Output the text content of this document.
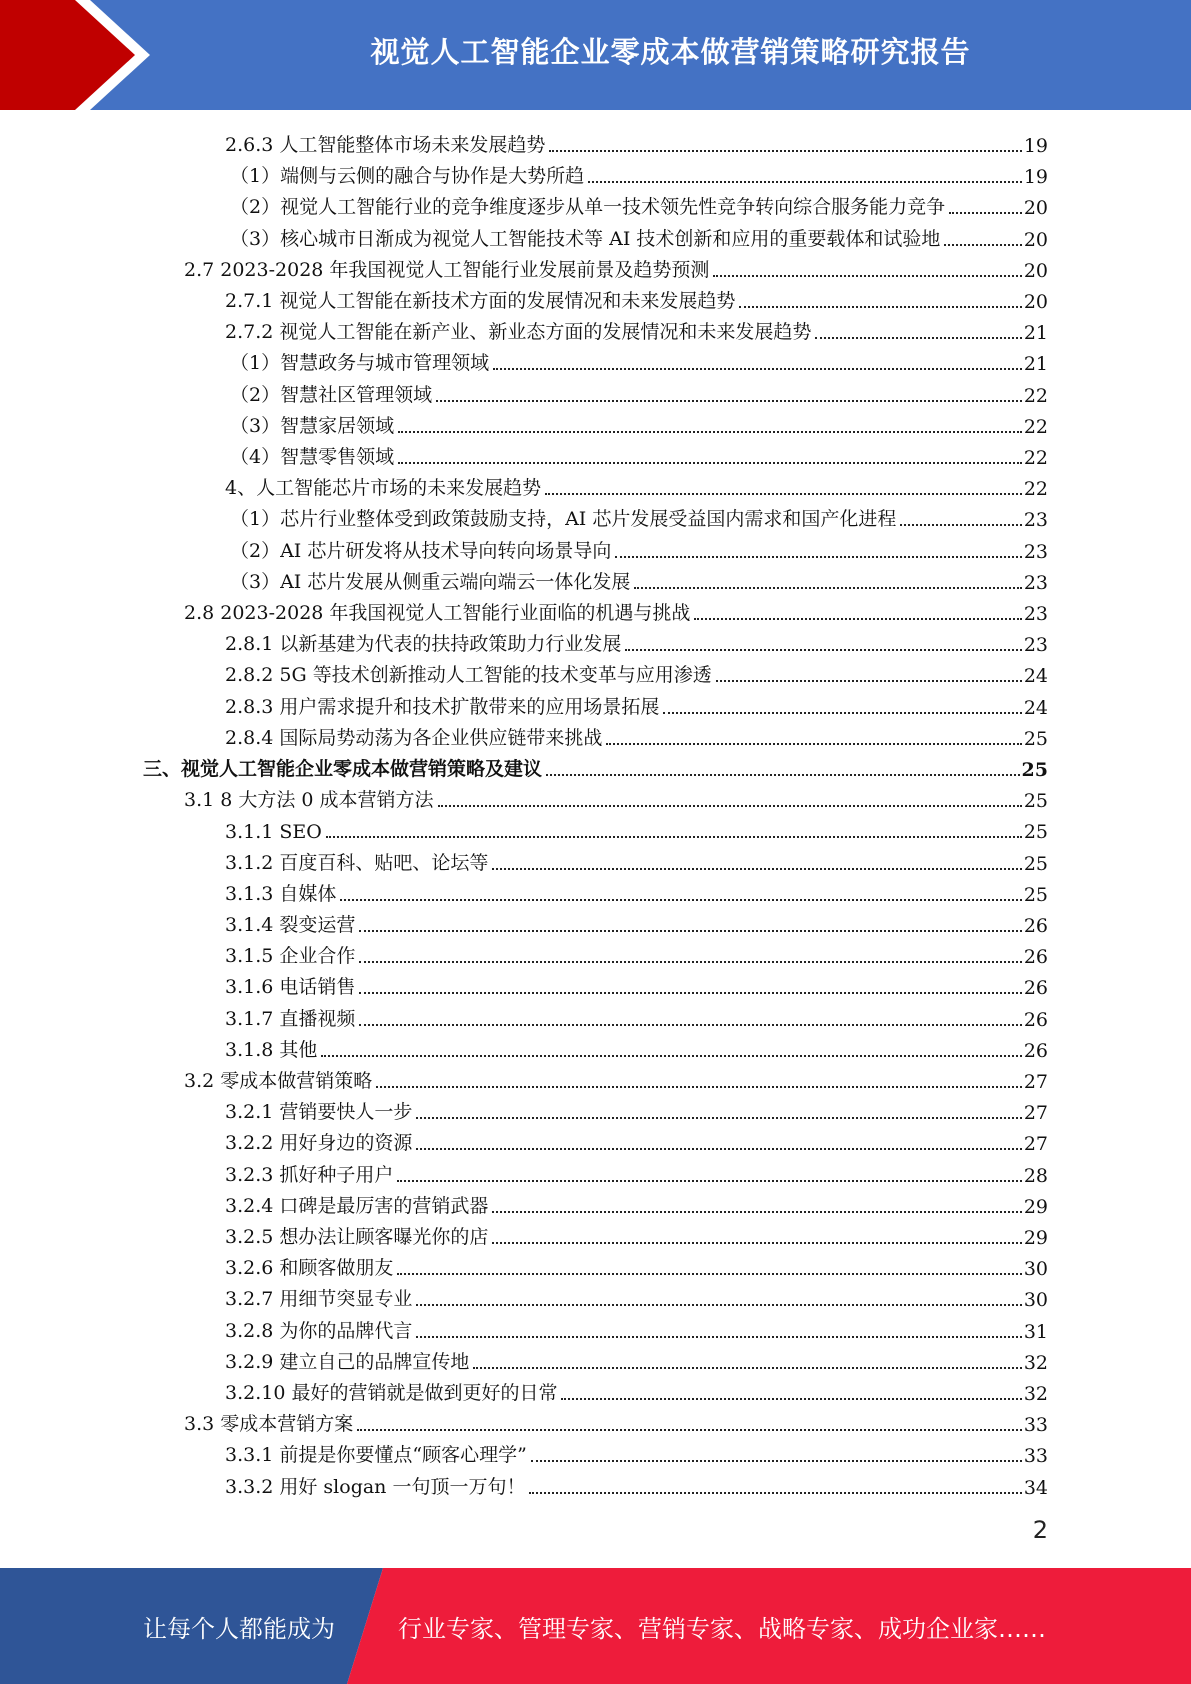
视觉人工智能企业零成本做营销策略研究报告
2.6.3 人工智能整体市场未来发展趋势	19
（1）端侧与云侧的融合与协作是大势所趋	19
（2）视觉人工智能行业的竞争维度逐步从单一技术领先性竞争转向综合服务能力竞争	20
（3）核心城市日渐成为视觉人工智能技术等 AI 技术创新和应用的重要载体和试验地	20
2.7 2023-2028 年我国视觉人工智能行业发展前景及趋势预测	20
2.7.1 视觉人工智能在新技术方面的发展情况和未来发展趋势	20
2.7.2 视觉人工智能在新产业、新业态方面的发展情况和未来发展趋势	21
（1）智慧政务与城市管理领域	21
（2）智慧社区管理领域	22
（3）智慧家居领域	22
（4）智慧零售领域	22
4、人工智能芯片市场的未来发展趋势	22
（1）芯片行业整体受到政策鼓励支持，AI 芯片发展受益国内需求和国产化进程	23
（2）AI 芯片研发将从技术导向转向场景导向	23
（3）AI 芯片发展从侧重云端向端云一体化发展	23
2.8 2023-2028 年我国视觉人工智能行业面临的机遇与挑战	23
2.8.1 以新基建为代表的扶持政策助力行业发展	23
2.8.2 5G 等技术创新推动人工智能的技术变革与应用渗透	24
2.8.3 用户需求提升和技术扩散带来的应用场景拓展	24
2.8.4 国际局势动荡为各企业供应链带来挑战	25
三、视觉人工智能企业零成本做营销策略及建议	25
3.1 8 大方法 0 成本营销方法	25
3.1.1 SEO	25
3.1.2 百度百科、贴吧、论坛等	25
3.1.3 自媒体	25
3.1.4 裂变运营	26
3.1.5 企业合作	26
3.1.6 电话销售	26
3.1.7 直播视频	26
3.1.8 其他	26
3.2 零成本做营销策略	27
3.2.1 营销要快人一步	27
3.2.2 用好身边的资源	27
3.2.3 抓好种子用户	28
3.2.4 口碑是最厉害的营销武器	29
3.2.5 想办法让顾客曝光你的店	29
3.2.6 和顾客做朋友	30
3.2.7 用细节突显专业	30
3.2.8 为你的品牌代言	31
3.2.9 建立自己的品牌宣传地	32
3.2.10 最好的营销就是做到更好的日常	32
3.3 零成本营销方案	33
3.3.1 前提是你要懂点“顾客心理学”	33
3.3.2 用好 slogan 一句顶一万句！	34
2
让每个人都能成为	行业专家、管理专家、营销专家、战略专家、成功企业家……
